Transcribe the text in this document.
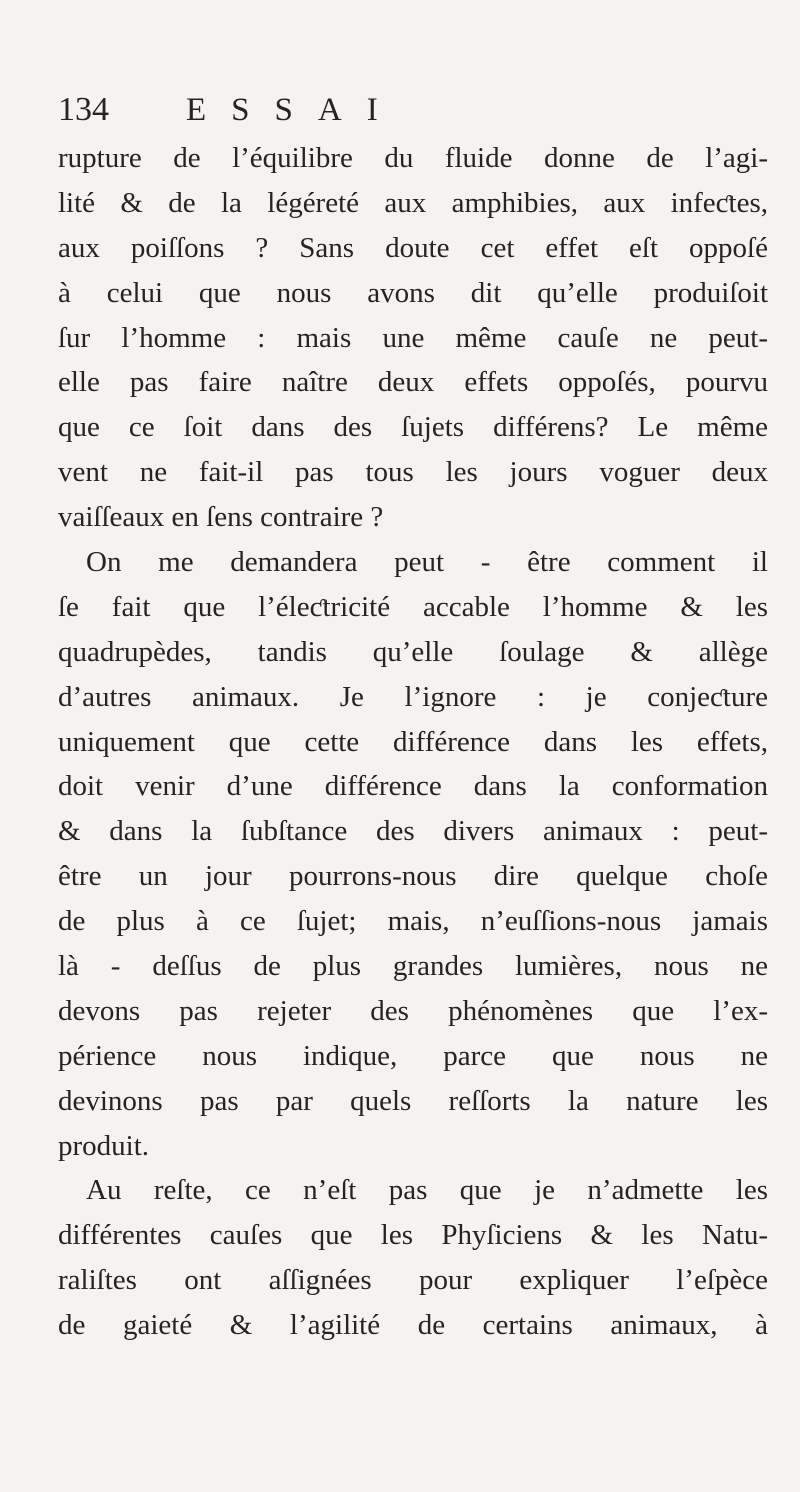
134 ESSAI
rupture de l’équilibre du fluide donne de l’agi-
lité & de la légéreté aux amphibies, aux infeƈtes,
aux poiſſons ? Sans doute cet effet eſt oppoſé
à celui que nous avons dit qu’elle produiſoit
ſur l’homme : mais une même cauſe ne peut-
elle pas faire naître deux effets oppoſés, pourvu
que ce ſoit dans des ſujets différens? Le même
vent ne fait-il pas tous les jours voguer deux
vaiſſeaux en ſens contraire ?
On me demandera peut - être comment il
ſe fait que l’éleƈtricité accable l’homme & les
quadrupèdes, tandis qu’elle ſoulage & allège
d’autres animaux. Je l’ignore : je conjeƈture
uniquement que cette différence dans les effets,
doit venir d’une différence dans la conformation
& dans la ſubſtance des divers animaux : peut-
être un jour pourrons-nous dire quelque choſe
de plus à ce ſujet; mais, n’euſſions-nous jamais
là - deſſus de plus grandes lumières, nous ne
devons pas rejeter des phénomènes que l’ex-
périence nous indique, parce que nous ne
devinons pas par quels reſſorts la nature les
produit.
Au reſte, ce n’eſt pas que je n’admette les
différentes cauſes que les Phyſiciens & les Natu-
raliſtes ont aſſignées pour expliquer l’eſpèce
de gaieté & l’agilité de certains animaux, à
